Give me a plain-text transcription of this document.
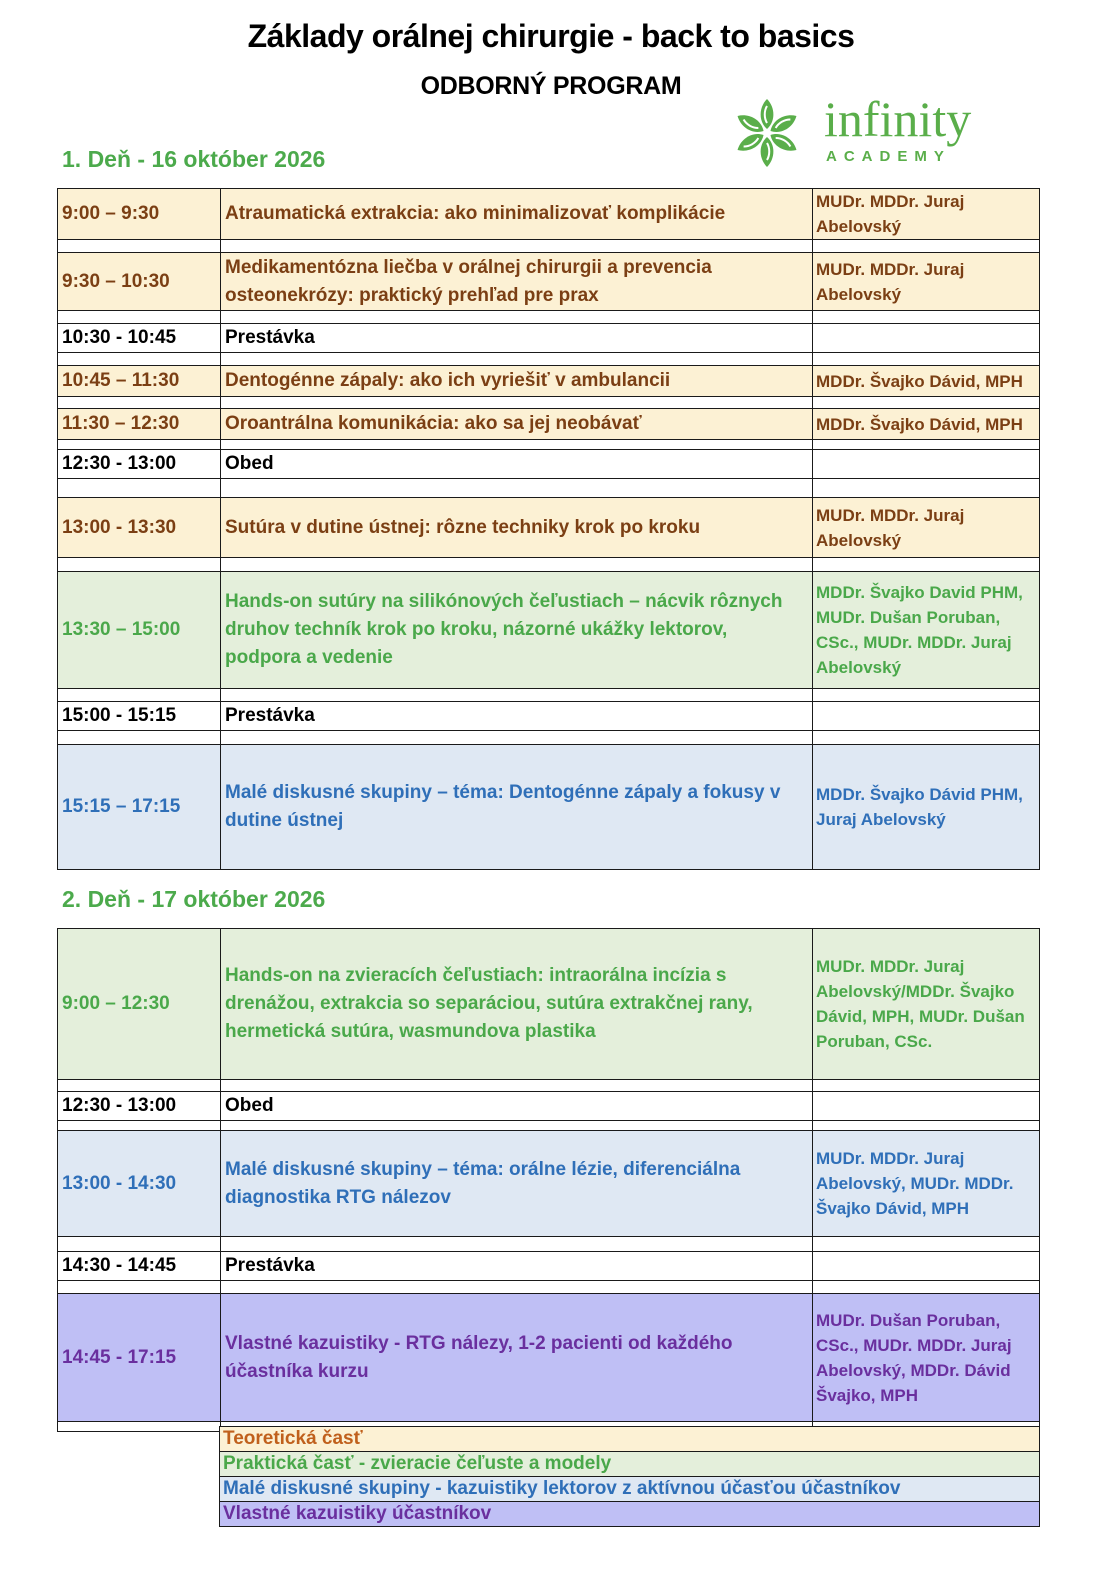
Základy orálnej chirurgie - back to basics
ODBORNÝ PROGRAM
infinity
ACADEMY
1. Deň - 16 október 2026
9:00 – 9:30	Atraumatická extrakcia: ako minimalizovať komplikácie	MUDr. MDDr. Juraj Abelovský

9:30 – 10:30	Medikamentózna liečba v orálnej chirurgii a prevencia osteonekrózy: praktický prehľad pre prax	MUDr. MDDr. Juraj Abelovský

10:30 - 10:45	Prestávka	

10:45 – 11:30	Dentogénne zápaly: ako ich vyriešiť v ambulancii	MDDr. Švajko Dávid, MPH

11:30 – 12:30	Oroantrálna komunikácia: ako sa jej neobávať	MDDr. Švajko Dávid, MPH

12:30 - 13:00	Obed	

13:00 - 13:30	Sutúra v dutine ústnej: rôzne techniky krok po kroku	MUDr. MDDr. Juraj Abelovský

13:30 – 15:00	Hands-on sutúry na silikónových čeľustiach – nácvik rôznych druhov techník krok po kroku, názorné ukážky lektorov, podpora a vedenie	MDDr. Švajko David PHM, MUDr. Dušan Poruban, CSc., MUDr. MDDr. Juraj Abelovský

15:00 - 15:15	Prestávka	

15:15 – 17:15	Malé diskusné skupiny – téma: Dentogénne zápaly a fokusy v dutine ústnej	MDDr. Švajko Dávid PHM, Juraj Abelovský
2. Deň - 17 október 2026
9:00 – 12:30	Hands-on na zvieracích čeľustiach: intraorálna incízia s drenážou, extrakcia so separáciou, sutúra extrakčnej rany, hermetická sutúra, wasmundova plastika	MUDr. MDDr. Juraj Abelovský/MDDr. Švajko Dávid, MPH, MUDr. Dušan Poruban, CSc.

12:30 - 13:00	Obed	

13:00 - 14:30	Malé diskusné skupiny – téma: orálne lézie, diferenciálna diagnostika RTG nálezov	MUDr. MDDr. Juraj Abelovský, MUDr. MDDr. Švajko Dávid, MPH

14:30 - 14:45	Prestávka	

14:45 - 17:15	Vlastné kazuistiky - RTG nálezy, 1-2 pacienti od každého účastníka kurzu	MUDr. Dušan Poruban, CSc., MUDr. MDDr. Juraj Abelovský, MDDr. Dávid Švajko, MPH

Teoretická časť
Praktická časť - zvieracie čeľuste a modely
Malé diskusné skupiny - kazuistiky lektorov z aktívnou účasťou účastníkov
Vlastné kazuistiky účastníkov
